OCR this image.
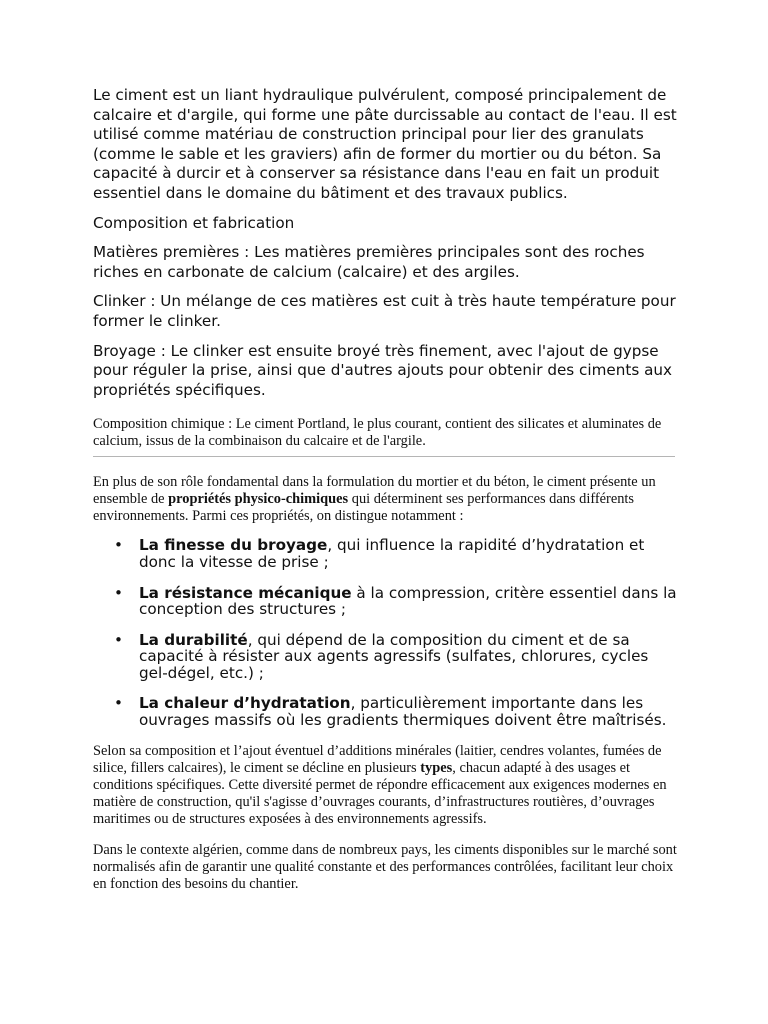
Le ciment est un liant hydraulique pulvérulent, composé principalement de calcaire et d'argile, qui forme une pâte durcissable au contact de l'eau. Il est utilisé comme matériau de construction principal pour lier des granulats (comme le sable et les graviers) afin de former du mortier ou du béton. Sa capacité à durcir et à conserver sa résistance dans l'eau en fait un produit essentiel dans le domaine du bâtiment et des travaux publics.

Composition et fabrication

Matières premières : Les matières premières principales sont des roches riches en carbonate de calcium (calcaire) et des argiles.

Clinker : Un mélange de ces matières est cuit à très haute température pour former le clinker.

Broyage : Le clinker est ensuite broyé très finement, avec l'ajout de gypse pour réguler la prise, ainsi que d'autres ajouts pour obtenir des ciments aux propriétés spécifiques.

Composition chimique : Le ciment Portland, le plus courant, contient des silicates et aluminates de calcium, issus de la combinaison du calcaire et de l'argile.

En plus de son rôle fondamental dans la formulation du mortier et du béton, le ciment présente un ensemble de propriétés physico-chimiques qui déterminent ses performances dans différents environnements. Parmi ces propriétés, on distingue notamment :

• La finesse du broyage, qui influence la rapidité d’hydratation et donc la vitesse de prise ;
• La résistance mécanique à la compression, critère essentiel dans la conception des structures ;
• La durabilité, qui dépend de la composition du ciment et de sa capacité à résister aux agents agressifs (sulfates, chlorures, cycles gel-dégel, etc.) ;
• La chaleur d’hydratation, particulièrement importante dans les ouvrages massifs où les gradients thermiques doivent être maîtrisés.

Selon sa composition et l’ajout éventuel d’additions minérales (laitier, cendres volantes, fumées de silice, fillers calcaires), le ciment se décline en plusieurs types, chacun adapté à des usages et conditions spécifiques. Cette diversité permet de répondre efficacement aux exigences modernes en matière de construction, qu'il s'agisse d’ouvrages courants, d’infrastructures routières, d’ouvrages maritimes ou de structures exposées à des environnements agressifs.

Dans le contexte algérien, comme dans de nombreux pays, les ciments disponibles sur le marché sont normalisés afin de garantir une qualité constante et des performances contrôlées, facilitant leur choix en fonction des besoins du chantier.
